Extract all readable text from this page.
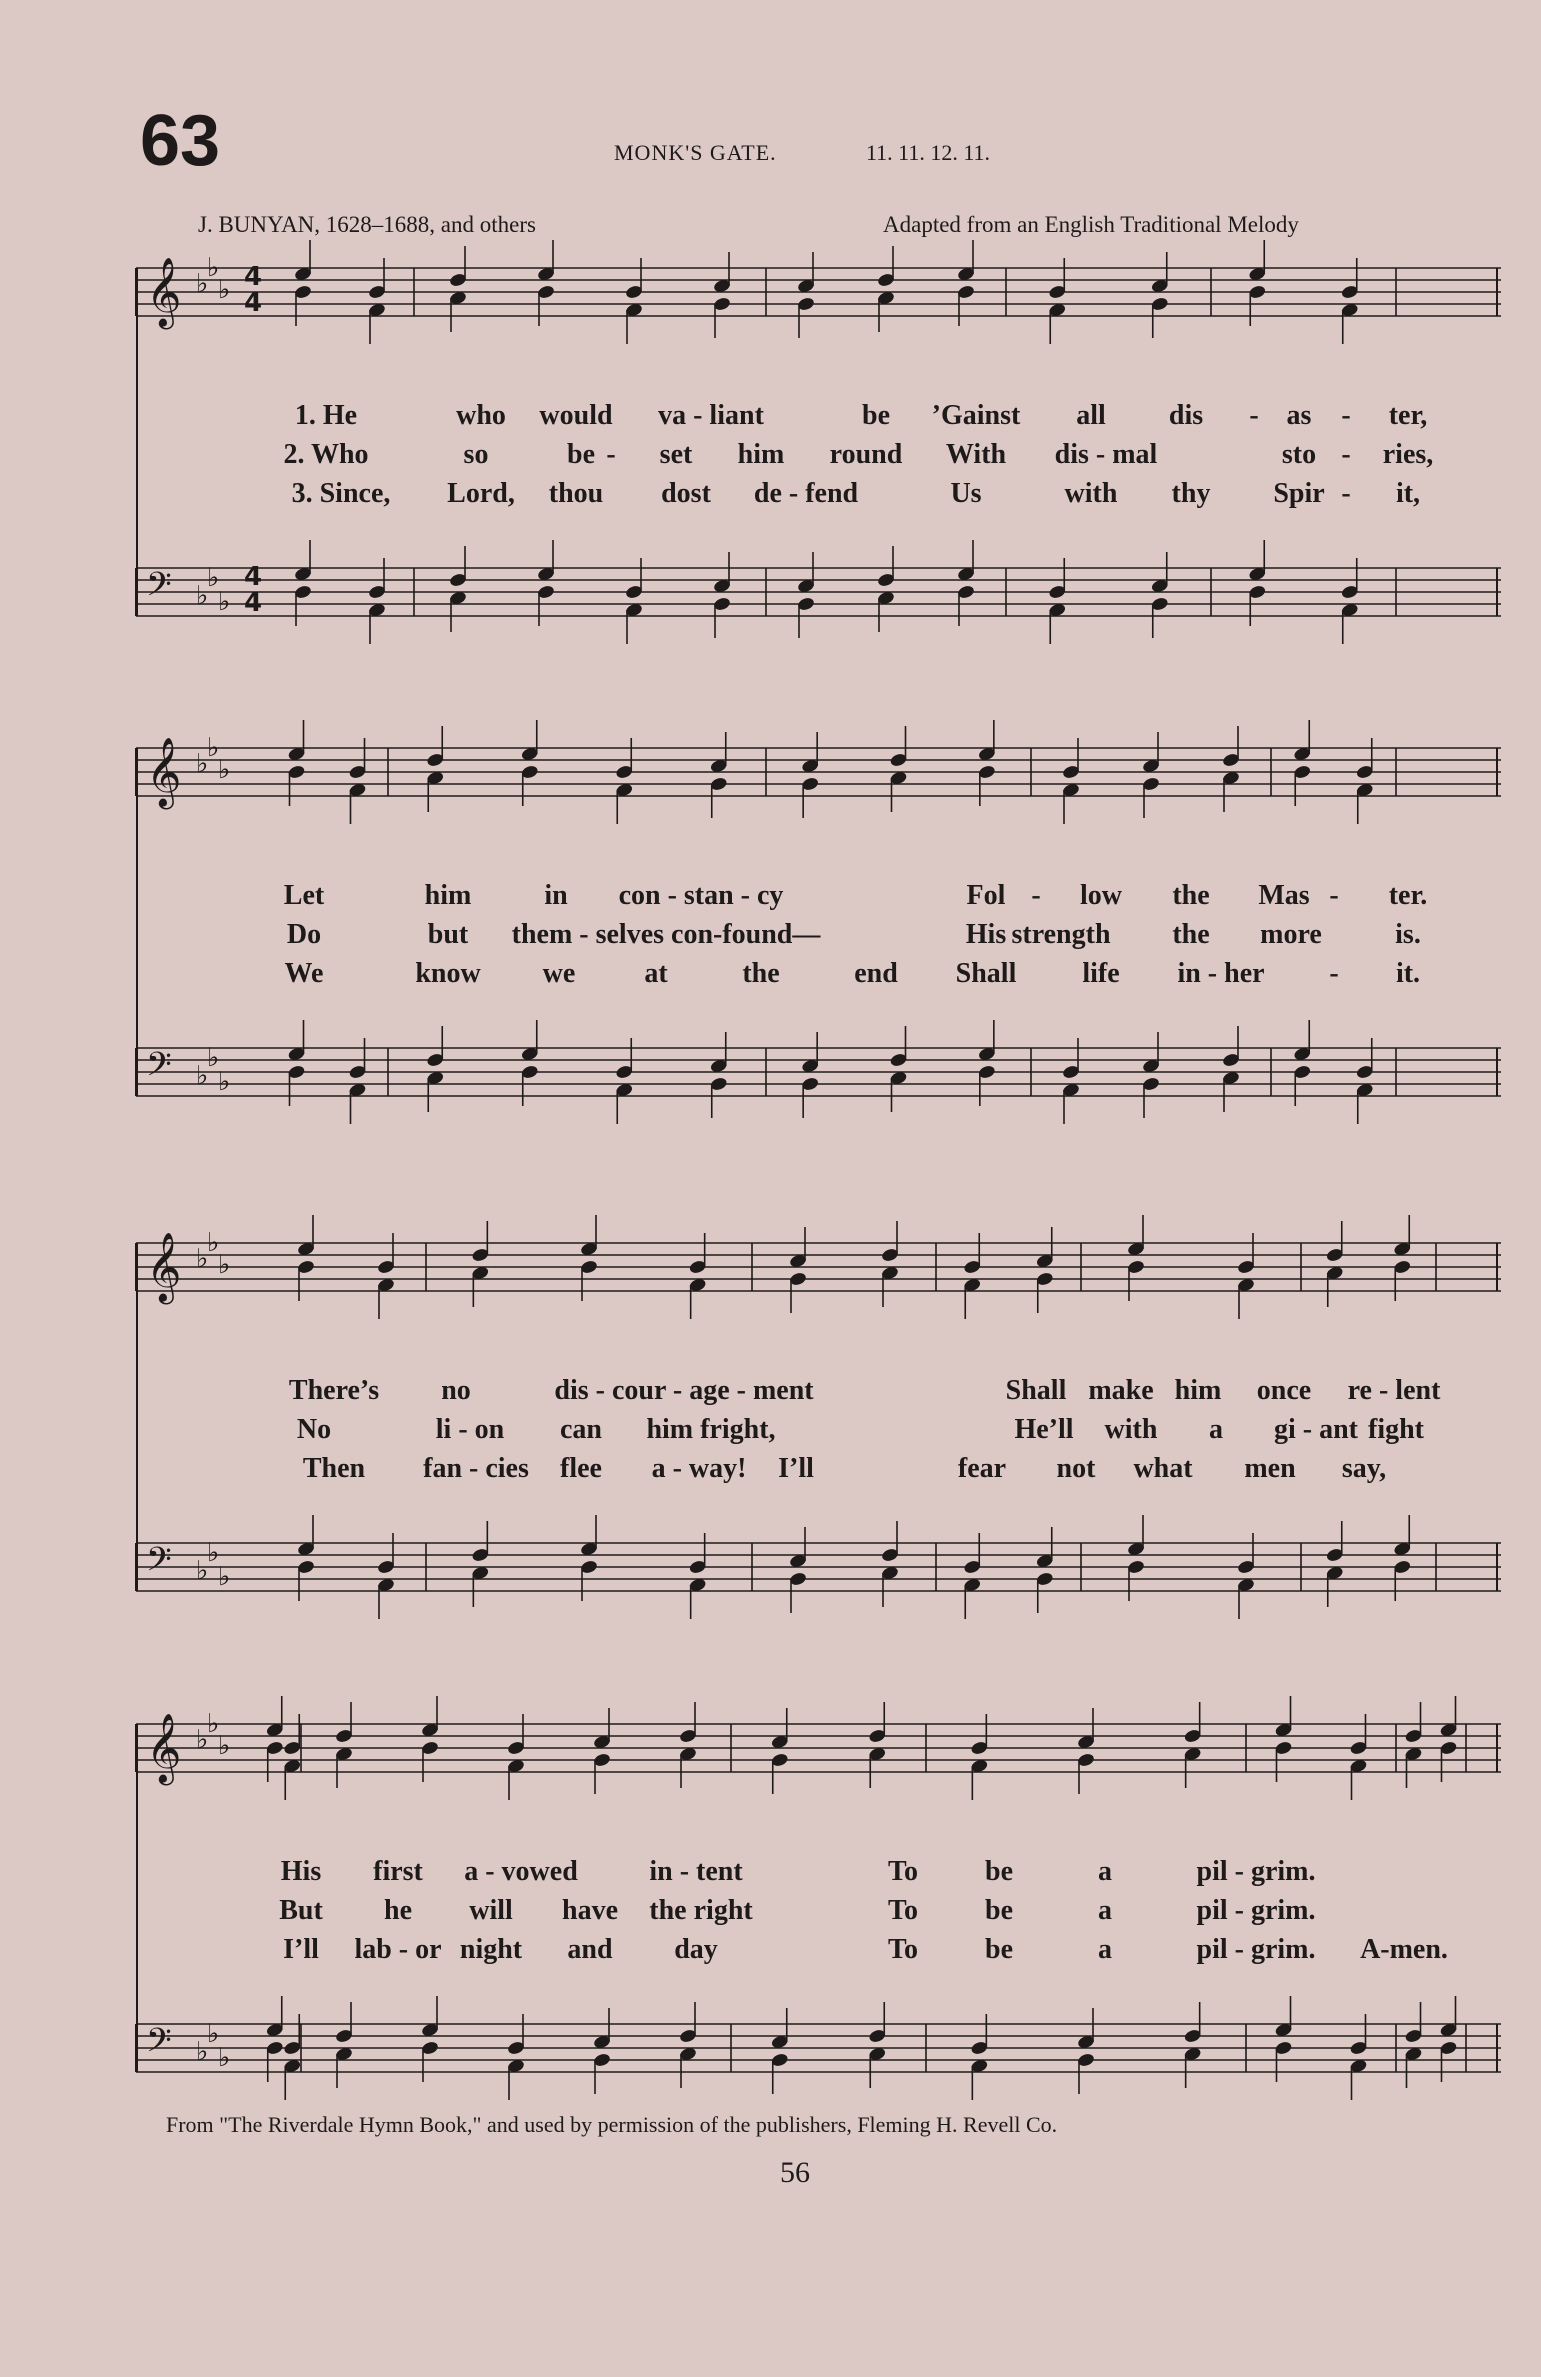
63	MONK'S GATE.	11. 11. 12. 11.
J. BUNYAN, 1628–1688, and others	Adapted from an English Traditional Melody
𝄞 ♭
♭
♭
𝄢 ♭
♭
♭
1. He	who would va - liant	be ’Gainst all dis - as - ter,
2. Who	so	be - set him round With dis - mal	sto - ries,
3. Since, Lord, thou dost de - fend	Us	with thy Spir - it,
4
4
4
4
𝄞 ♭
♭
♭
𝄢 ♭
♭
♭
Let	him	in con - stan - cy	Fol - low the Mas - ter.
Do	but them - selves con-found—	His strength the more	is.
We	know we at	the	end Shall life in - her - it.
𝄞 ♭
♭
♭
𝄢 ♭
♭
♭
There’s no	dis - cour - age - ment	Shall make him once re - lent
No	li - on can him fright,	He’ll with a gi - ant fight
Then fan - cies flee a - way! I’ll	fear not what men say,
𝄞 ♭
♭
♭
𝄢 ♭
♭
♭
His first a - vowed	in - tent	To be	a	pil - grim.
But he will have the right	To be	a	pil - grim.
I’ll lab - or night and day	To be	a	pil - grim. A-men.
From "The Riverdale Hymn Book," and used by permission of the publishers, Fleming H. Revell Co.
56
